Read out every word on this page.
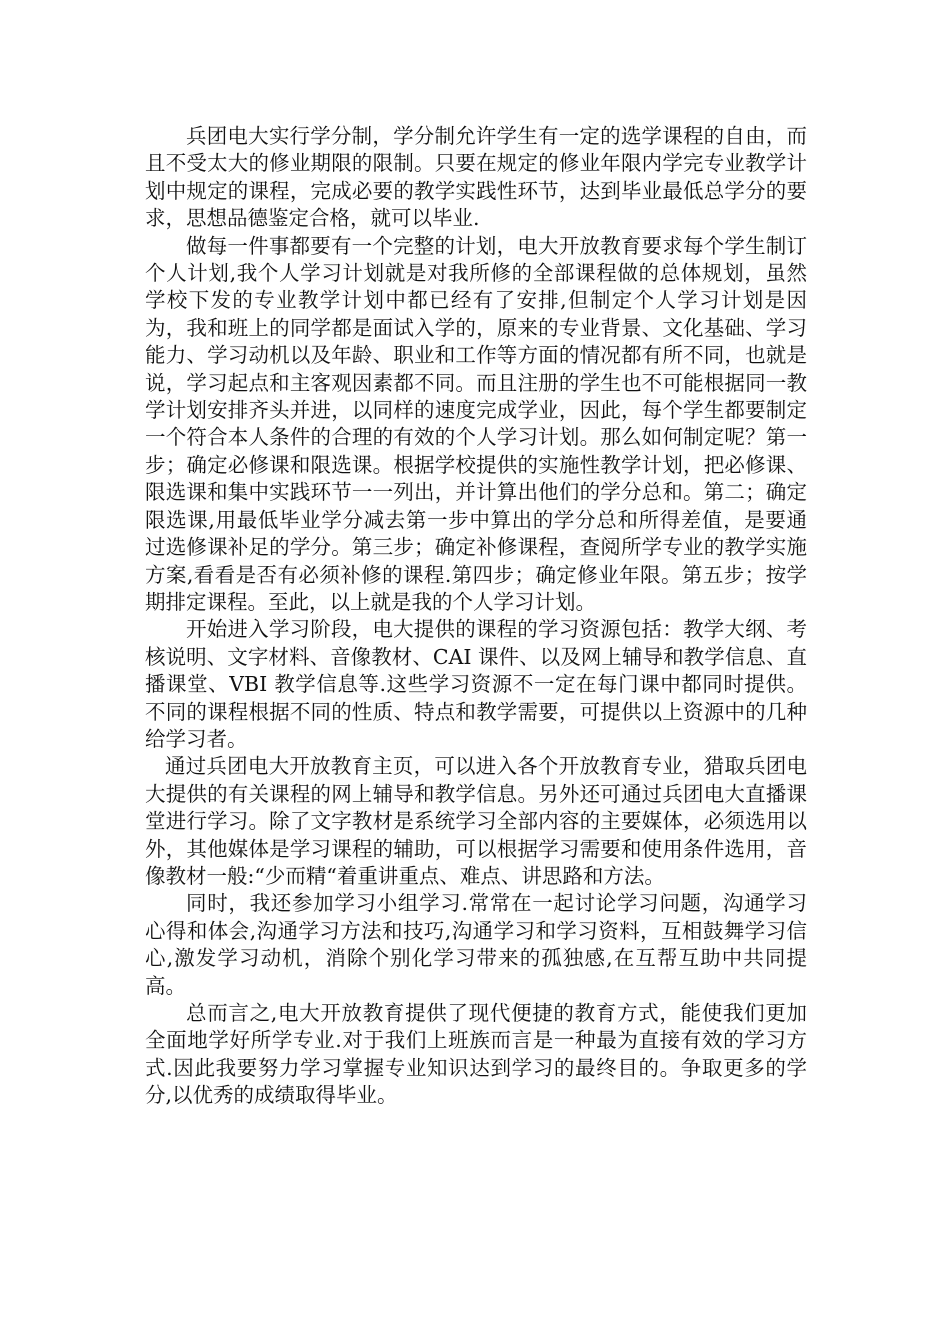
兵团电大实行学分制，学分制允许学生有一定的选学课程的自由，而且不受太大的修业期限的限制。只要在规定的修业年限内学完专业教学计划中规定的课程，完成必要的教学实践性环节，达到毕业最低总学分的要求，思想品德鉴定合格，就可以毕业.

做每一件事都要有一个完整的计划，电大开放教育要求每个学生制订个人计划,我个人学习计划就是对我所修的全部课程做的总体规划，虽然学校下发的专业教学计划中都已经有了安排,但制定个人学习计划是因为，我和班上的同学都是面试入学的，原来的专业背景、文化基础、学习能力、学习动机以及年龄、职业和工作等方面的情况都有所不同，也就是说，学习起点和主客观因素都不同。而且注册的学生也不可能根据同一教学计划安排齐头并进，以同样的速度完成学业，因此，每个学生都要制定一个符合本人条件的合理的有效的个人学习计划。那么如何制定呢？第一步；确定必修课和限选课。根据学校提供的实施性教学计划，把必修课、限选课和集中实践环节一一列出，并计算出他们的学分总和。第二；确定限选课,用最低毕业学分减去第一步中算出的学分总和所得差值，是要通过选修课补足的学分。第三步；确定补修课程，查阅所学专业的教学实施方案,看看是否有必须补修的课程.第四步；确定修业年限。第五步；按学期排定课程。至此，以上就是我的个人学习计划。

开始进入学习阶段，电大提供的课程的学习资源包括：教学大纲、考核说明、文字材料、音像教材、CAI 课件、以及网上辅导和教学信息、直播课堂、VBI 教学信息等.这些学习资源不一定在每门课中都同时提供。不同的课程根据不同的性质、特点和教学需要，可提供以上资源中的几种给学习者。

通过兵团电大开放教育主页，可以进入各个开放教育专业，猎取兵团电大提供的有关课程的网上辅导和教学信息。另外还可通过兵团电大直播课堂进行学习。除了文字教材是系统学习全部内容的主要媒体，必须选用以外，其他媒体是学习课程的辅助，可以根据学习需要和使用条件选用，音像教材一般:“少而精“着重讲重点、难点、讲思路和方法。

同时，我还参加学习小组学习.常常在一起讨论学习问题，沟通学习心得和体会,沟通学习方法和技巧,沟通学习和学习资料，互相鼓舞学习信心,激发学习动机，消除个别化学习带来的孤独感,在互帮互助中共同提高。

总而言之,电大开放教育提供了现代便捷的教育方式，能使我们更加全面地学好所学专业.对于我们上班族而言是一种最为直接有效的学习方式.因此我要努力学习掌握专业知识达到学习的最终目的。争取更多的学分,以优秀的成绩取得毕业。
